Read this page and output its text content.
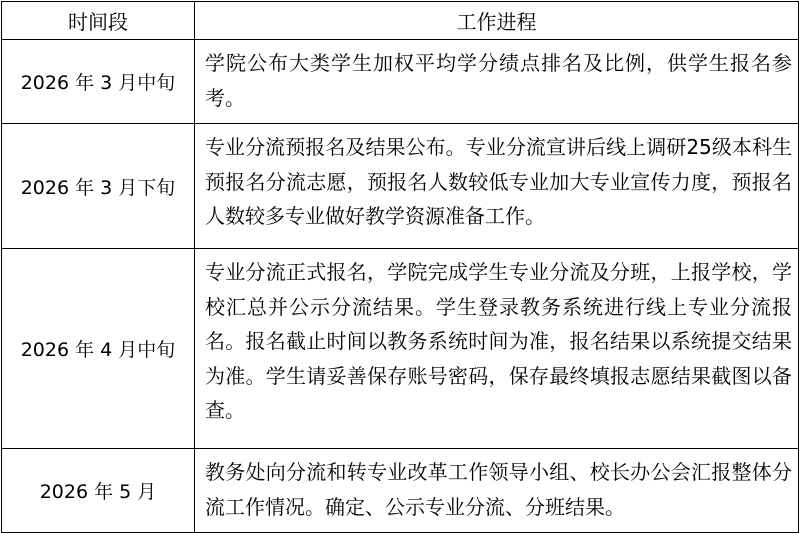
时间段	工作进程
2026 年 3 月中旬	学院公布大类学生加权平均学分绩点排名及比例，供学生报名参考。
2026 年 3 月下旬	专业分流预报名及结果公布。专业分流宣讲后线上调研25级本科生预报名分流志愿，预报名人数较低专业加大专业宣传力度，预报名人数较多专业做好教学资源准备工作。
2026 年 4 月中旬	专业分流正式报名，学院完成学生专业分流及分班，上报学校，学校汇总并公示分流结果。学生登录教务系统进行线上专业分流报名。报名截止时间以教务系统时间为准，报名结果以系统提交结果为准。学生请妥善保存账号密码，保存最终填报志愿结果截图以备查。
2026 年 5 月	教务处向分流和转专业改革工作领导小组、校长办公会汇报整体分流工作情况。确定、公示专业分流、分班结果。
